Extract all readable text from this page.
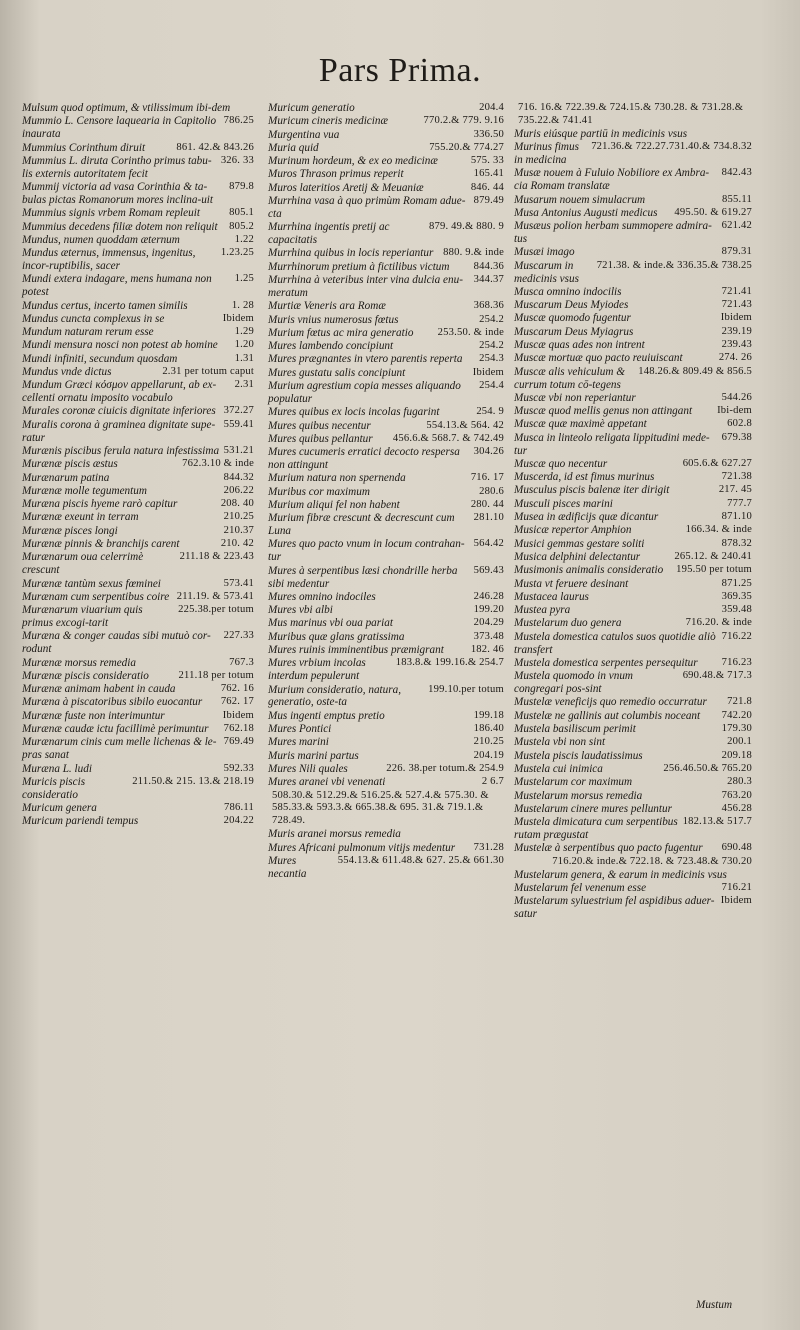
Pars Prima.
Mulsum quod optimum, & vtilissimum ibi-dem
786.25
Mummio L. Censore laquearia in Capitolio inaurata
861. 42.& 843.26
Mummius Corinthum diruit
326. 33
Mummius L. diruta Corintho primus tabu-lis externis autoritatem fecit
879.8
Mummij victoria ad vasa Corinthia & ta-bulas pictas Romanorum mores inclina-uit
805.1
Mummius signis vrbem Romam repleuit
805.2
Mummius decedens filiæ dotem non reliquit
1.22
Mundus, numen quoddam æternum
1.23.25
Mundus æternus, immensus, ingenitus, incor-ruptibilis, sacer
1.25
Mundi extera indagare, mens humana non potest
1. 28
Mundus certus, incerto tamen similis
Ibidem
Mundus cuncta complexus in se
1.29
Mundum naturam rerum esse
1.20
Mundi mensura nosci non potest ab homine
1.31
Mundi infiniti, secundum quosdam
2.31 per totum caput
Mundus vnde dictus
2.31
Mundum Græci κόσμον appellarunt, ab ex-cellenti ornatu imposito vocabulo
372.27
Murales coronæ ciuicis dignitate inferiores
559.41
Muralis corona à graminea dignitate supe-ratur
531.21
Murænis piscibus ferula natura infestissima
762.3.10 & inde
Murænæ piscis æstus
844.32
Murænarum patina
206.22
Murænæ molle tegumentum
208. 40
Muræna piscis hyeme rarò capitur
210.25
Murænæ exeunt in terram
210.37
Murænæ pisces longi
210. 42
Murænæ pinnis & branchijs carent
211.18 & 223.43
Murænarum oua celerrimè crescunt
573.41
Murænæ tantùm sexus fœminei
211.19. & 573.41
Murænam cum serpentibus coire
225.38.per totum
Murænarum viuarium quis primus excogi-tarit
227.33
Muræna & conger caudas sibi mutuò cor-rodunt
767.3
Murænæ morsus remedia
211.18 per totum
Murænæ piscis consideratio
762. 16
Murænæ animam habent in cauda
762. 17
Muræna à piscatoribus sibilo euocantur
Ibidem
Murænæ fuste non interimuntur
762.18
Murænæ caudæ ictu facillimè perimuntur
769.49
Murænarum cinis cum melle lichenas & le-pras sanat
592.33
Muræna L. ludi
211.50.& 215. 13.& 218.19
Muricis piscis consideratio
786.11
Muricum genera
204.22
Muricum pariendi tempus
204.4
Muricum generatio
770.2.& 779. 9.16
Muricum cineris medicinæ
336.50
Murgentina vua
755.20.& 774.27
Muria quid
575. 33
Murinum hordeum, & ex eo medicinæ
165.41
Muros Thrason primus reperit
846. 44
Muros lateritios Aretij & Meuaniæ
879.49
Murrhina vasa à quo primùm Romam adue-cta
879. 49.& 880. 9
Murrhina ingentis pretij ac capacitatis
880. 9.& inde
Murrhina quibus in locis reperiantur
844.36
Murrhinorum pretium à fictilibus victum
344.37
Murrhina à veteribus inter vina dulcia enu-meratum
368.36
Murtiæ Veneris ara Romæ
254.2
Muris vnius numerosus fœtus
253.50. & inde
Murium fœtus ac mira generatio
254.2
Mures lambendo concipiunt
254.3
Mures prægnantes in vtero parentis reperta
Ibidem
Mures gustatu salis concipiunt
254.4
Murium agrestium copia messes aliquando populatur
254. 9
Mures quibus ex locis incolas fugarint
554.13.& 564. 42
Mures quibus necentur
456.6.& 568.7. & 742.49
Mures quibus pellantur
304.26
Mures cucumeris erratici decocto respersa non attingunt
716. 17
Murium natura non spernenda
280.6
Muribus cor maximum
280. 44
Murium aliqui fel non habent
281.10
Murium fibræ crescunt & decrescunt cum Luna
564.42
Mures quo pacto vnum in locum contrahan-tur
569.43
Mures à serpentibus læsi chondrille herba sibi medentur
246.28
Mures omnino indociles
199.20
Mures vbi albi
204.29
Mus marinus vbi oua pariat
373.48
Muribus quæ glans gratissima
182. 46
Mures ruinis imminentibus præmigrant
183.8.& 199.16.& 254.7
Mures vrbium incolas interdum pepulerunt
199.10.per totum
Murium consideratio, natura, generatio, oste-ta
199.18
Mus ingenti emptus pretio
186.40
Mures Pontici
210.25
Mures marini
204.19
Muris marini partus
226. 38.per totum.& 254.9
Mures Nili quales
2 6.7
Mures aranei vbi venenati
508.30.& 512.29.& 516.25.& 527.4.& 575.30. & 585.33.& 593.3.& 665.38.& 695. 31.& 719.1.& 728.49.
Muris aranei morsus remedia
731.28
Mures Africani pulmonum vitijs medentur
554.13.& 611.48.& 627. 25.& 661.30
Mures necantia
716. 16.& 722.39.& 724.15.& 730.28. & 731.28.& 735.22.& 741.41
Muris eiúsque partiū in medicinis vsus
721.36.& 722.27.731.40.& 734.8.32
Murinus fimus in medicina
842.43
Musæ nouem à Fuluio Nobiliore ex Ambra-cia Romam translatæ
855.11
Musarum nouem simulacrum
495.50. & 619.27
Musa Antonius Augusti medicus
621.42
Musæus polion herbam summopere admira-tus
879.31
Musæi imago
721.38. & inde.& 336.35.& 738.25
Muscarum in medicinis vsus
721.41
Musca omnino indocilis
721.43
Muscarum Deus Myiodes
Ibidem
Muscæ quomodo fugentur
239.19
Muscarum Deus Myiagrus
239.43
Muscæ quas ades non intrent
274. 26
Muscæ mortuæ quo pacto reuiuiscant
148.26.& 809.49 & 856.5
Muscæ alis vehiculum & currum totum cō-tegens
544.26
Muscæ vbi non reperiantur
Ibi-dem
Muscæ quod mellis genus non attingant
602.8
Muscæ quæ maximè appetant
679.38
Musca in linteolo religata lippitudini mede-tur
605.6.& 627.27
Muscæ quo necentur
721.38
Muscerda, id est fimus murinus
217. 45
Musculus piscis balenæ iter dirigit
777.7
Musculi pisces marini
871.10
Musea in ædificijs quæ dicantur
166.34. & inde
Musicæ repertor Amphion
878.32
Musici gemmas gestare soliti
265.12. & 240.41
Musica delphini delectantur
195.50 per totum
Musimonis animalis consideratio
871.25
Musta vt feruere desinant
369.35
Mustacea laurus
359.48
Mustea pyra
716.20. & inde
Mustelarum duo genera
716.22
Mustela domestica catulos suos quotidie aliò transfert
716.23
Mustela domestica serpentes persequitur
690.48.& 717.3
Mustela quomodo in vnum congregari pos-sint
721.8
Mustelæ veneficijs quo remedio occurratur
742.20
Mustelæ ne gallinis aut columbis noceant
179.30
Mustela basiliscum perimit
200.1
Mustela vbi non sint
209.18
Mustela piscis laudatissimus
256.46.50.& 765.20
Mustela cui inimica
280.3
Mustelarum cor maximum
763.20
Mustelarum morsus remedia
456.28
Mustelarum cinere mures pelluntur
182.13.& 517.7
Mustela dimicatura cum serpentibus rutam prægustat
690.48
Mustelæ à serpentibus quo pacto fugentur
716.20.& inde.& 722.18. & 723.48.& 730.20
Mustelarum genera, & earum in medicinis vsus
716.21
Mustelarum fel venenum esse
Ibidem
Mustelarum syluestrium fel aspidibus aduer-satur
Mustum
